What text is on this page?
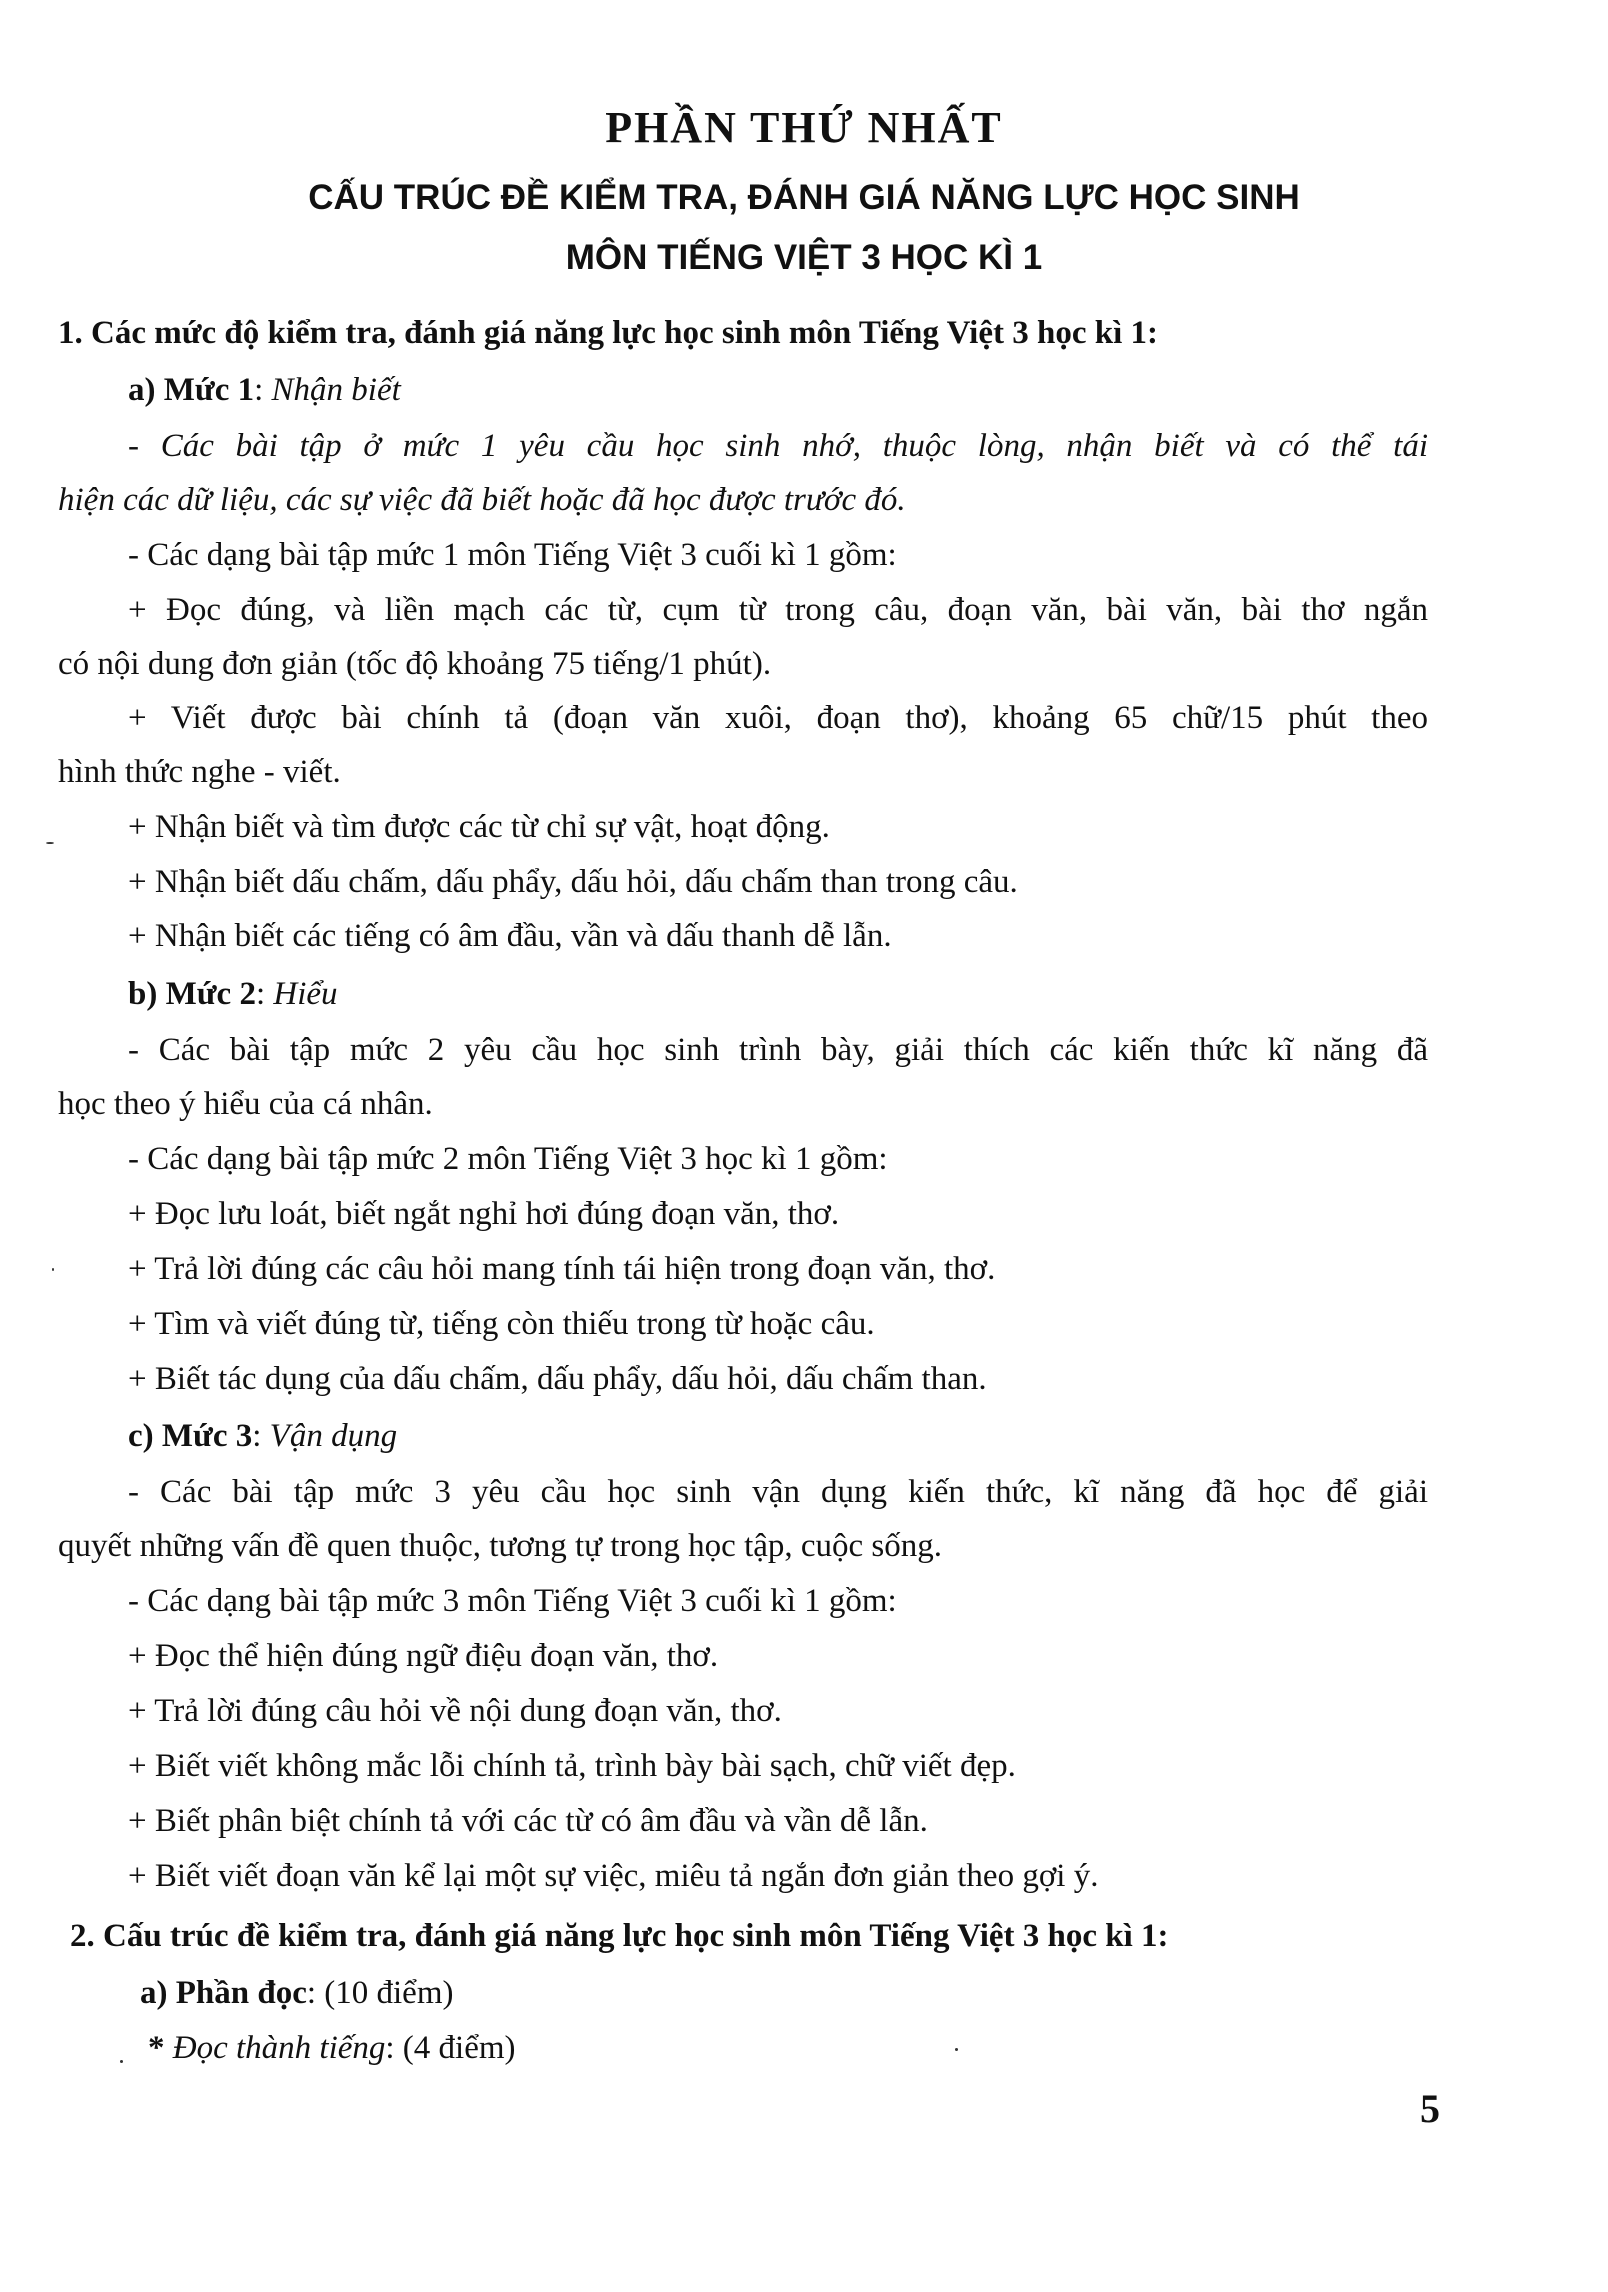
PHẦN THỨ NHẤT
CẤU TRÚC ĐỀ KIỂM TRA, ĐÁNH GIÁ NĂNG LỰC HỌC SINH
MÔN TIẾNG VIỆT 3 HỌC KÌ 1

1. Các mức độ kiểm tra, đánh giá năng lực học sinh môn Tiếng Việt 3 học kì 1:

a) Mức 1: Nhận biết

- Các bài tập ở mức 1 yêu cầu học sinh nhớ, thuộc lòng, nhận biết và có thể tái

hiện các dữ liệu, các sự việc đã biết hoặc đã học được trước đó.

- Các dạng bài tập mức 1 môn Tiếng Việt 3 cuối kì 1 gồm:

+ Đọc đúng, và liền mạch các từ, cụm từ trong câu, đoạn văn, bài văn, bài thơ ngắn

có nội dung đơn giản (tốc độ khoảng 75 tiếng/1 phút).

+ Viết được bài chính tả (đoạn văn xuôi, đoạn thơ), khoảng 65 chữ/15 phút theo

hình thức nghe - viết.

+ Nhận biết và tìm được các từ chỉ sự vật, hoạt động.

+ Nhận biết dấu chấm, dấu phẩy, dấu hỏi, dấu chấm than trong câu.

+ Nhận biết các tiếng có âm đầu, vần và dấu thanh dễ lẫn.

b) Mức 2: Hiểu

- Các bài tập mức 2 yêu cầu học sinh trình bày, giải thích các kiến thức kĩ năng đã

học theo ý hiểu của cá nhân.

- Các dạng bài tập mức 2 môn Tiếng Việt 3 học kì 1 gồm:

+ Đọc lưu loát, biết ngắt nghỉ hơi đúng đoạn văn, thơ.

+ Trả lời đúng các câu hỏi mang tính tái hiện trong đoạn văn, thơ.

+ Tìm và viết đúng từ, tiếng còn thiếu trong từ hoặc câu.

+ Biết tác dụng của dấu chấm, dấu phẩy, dấu hỏi, dấu chấm than.

c) Mức 3: Vận dụng

- Các bài tập mức 3 yêu cầu học sinh vận dụng kiến thức, kĩ năng đã học để giải

quyết những vấn đề quen thuộc, tương tự trong học tập, cuộc sống.

- Các dạng bài tập mức 3 môn Tiếng Việt 3 cuối kì 1 gồm:

+ Đọc thể hiện đúng ngữ điệu đoạn văn, thơ.

+ Trả lời đúng câu hỏi về nội dung đoạn văn, thơ.

+ Biết viết không mắc lỗi chính tả, trình bày bài sạch, chữ viết đẹp.

+ Biết phân biệt chính tả với các từ có âm đầu và vần dễ lẫn.

+ Biết viết đoạn văn kể lại một sự việc, miêu tả ngắn đơn giản theo gợi ý.

2. Cấu trúc đề kiểm tra, đánh giá năng lực học sinh môn Tiếng Việt 3 học kì 1:

a) Phần đọc: (10 điểm)

* Đọc thành tiếng: (4 điểm)

5
